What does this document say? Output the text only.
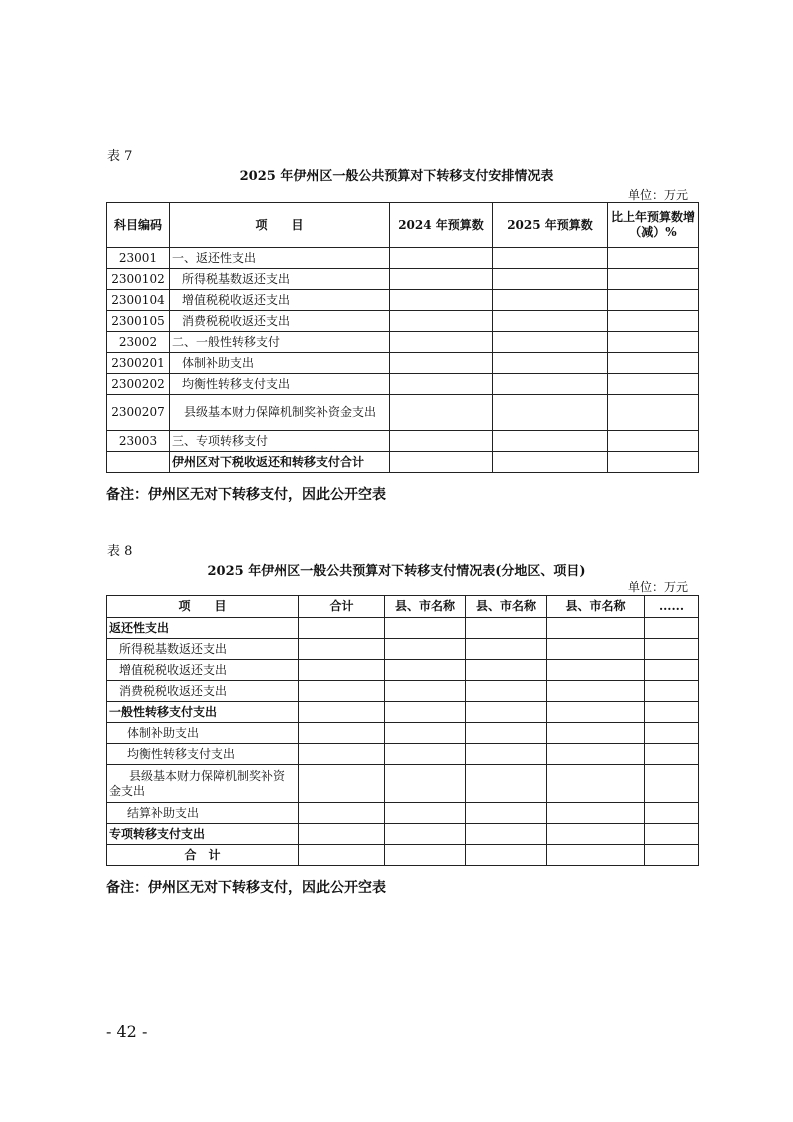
表 7
2025 年伊州区一般公共预算对下转移支付安排情况表
单位：万元
科目编码	项　　目	2024 年预算数	2025 年预算数	比上年预算数增（减）%
23001	一、返还性支出			
2300102	所得税基数返还支出			
2300104	增值税税收返还支出			
2300105	消费税税收返还支出			
23002	二、一般性转移支付			
2300201	体制补助支出			
2300202	均衡性转移支付支出			
2300207	县级基本财力保障机制奖补资金支出			
23003	三、专项转移支付			
	伊州区对下税收返还和转移支付合计			
备注：伊州区无对下转移支付，因此公开空表
表 8
2025 年伊州区一般公共预算对下转移支付情况表(分地区、项目)
单位：万元
项　　目	合计	县、市名称	县、市名称	县、市名称	......
返还性支出					
所得税基数返还支出					
增值税税收返还支出					
消费税税收返还支出					
一般性转移支付支出					
体制补助支出					
均衡性转移支付支出					
县级基本财力保障机制奖补资金支出					
结算补助支出					
专项转移支付支出					
合　计					
备注：伊州区无对下转移支付，因此公开空表
- 42 -
